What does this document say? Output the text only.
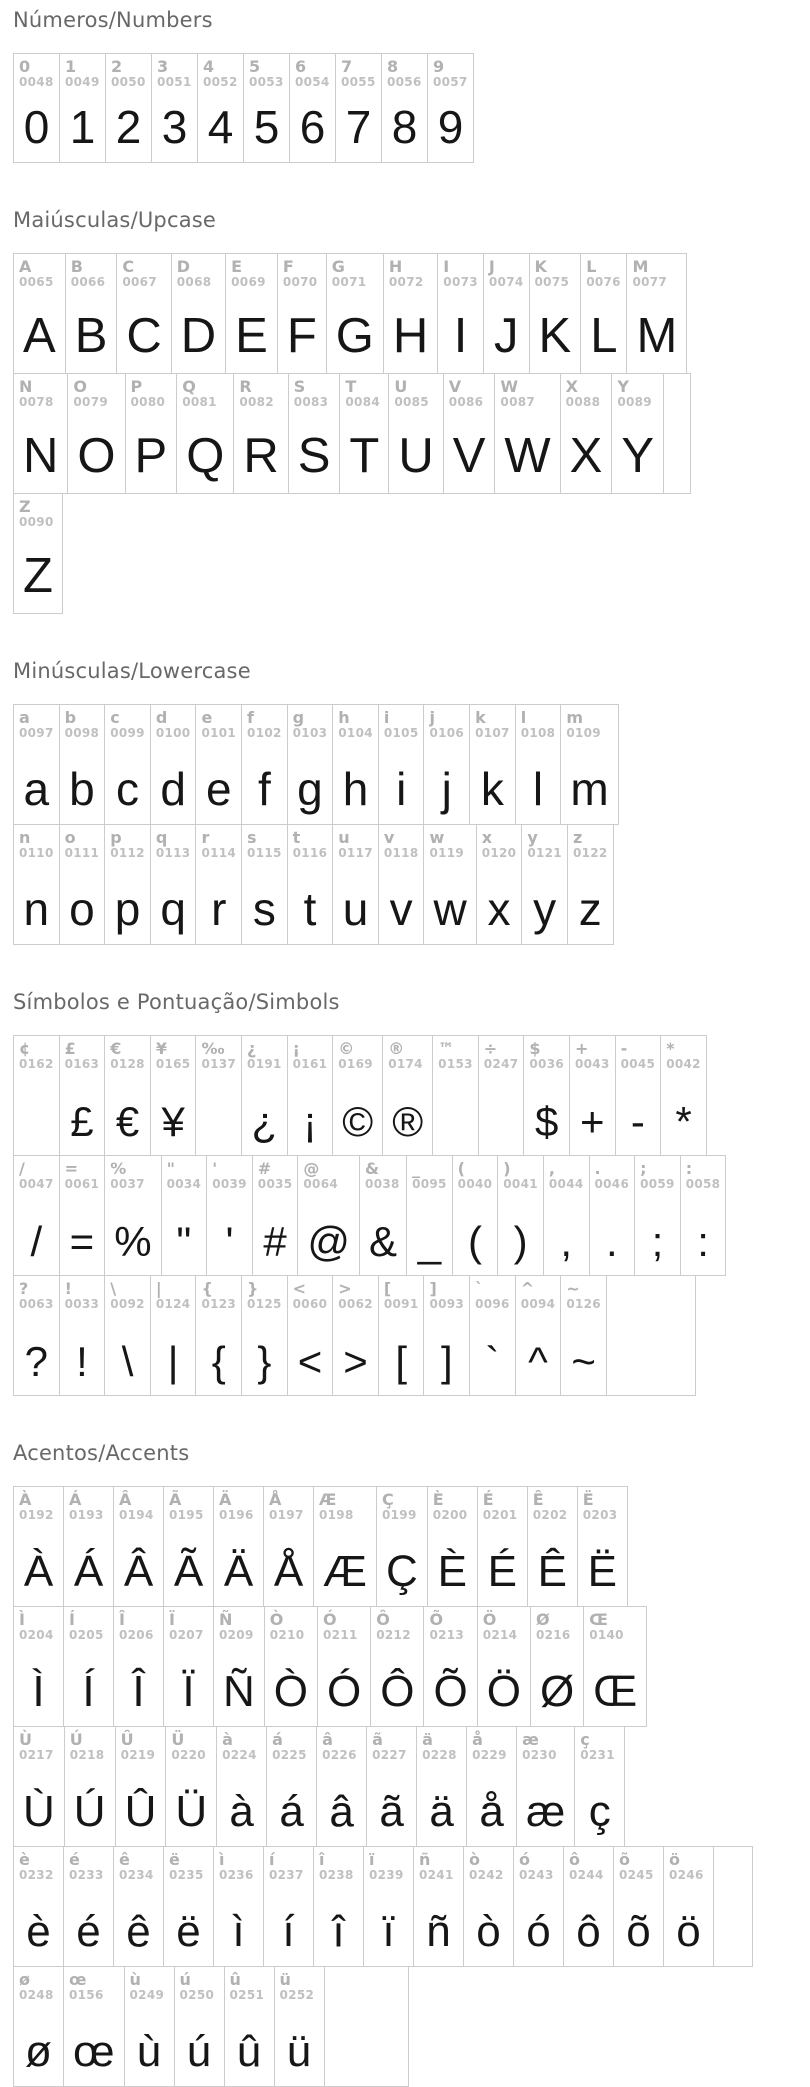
Números/Numbers
0
0048
0
1
0049
1
2
0050
2
3
0051
3
4
0052
4
5
0053
5
6
0054
6
7
0055
7
8
0056
8
9
0057
9
Maiúsculas/Upcase
A
0065
A
B
0066
B
C
0067
C
D
0068
D
E
0069
E
F
0070
F
G
0071
G
H
0072
H
I
0073
I
J
0074
J
K
0075
K
L
0076
L
M
0077
M
N
0078
N
O
0079
O
P
0080
P
Q
0081
Q
R
0082
R
S
0083
S
T
0084
T
U
0085
U
V
0086
V
W
0087
W
X
0088
X
Y
0089
Y
Z
0090
Z
Minúsculas/Lowercase
a
0097
a
b
0098
b
c
0099
c
d
0100
d
e
0101
e
f
0102
f
g
0103
g
h
0104
h
i
0105
i
j
0106
j
k
0107
k
l
0108
l
m
0109
m
n
0110
n
o
0111
o
p
0112
p
q
0113
q
r
0114
r
s
0115
s
t
0116
t
u
0117
u
v
0118
v
w
0119
w
x
0120
x
y
0121
y
z
0122
z
Símbolos e Pontuação/Simbols
¢
0162
£
0163
£
€
0128
€
¥
0165
¥
‰
0137
¿
0191
¿
¡
0161
¡
©
0169
©
®
0174
®
™
0153
÷
0247
$
0036
$
+
0043
+
-
0045
-
*
0042
*
/
0047
/
=
0061
=
%
0037
%
"
0034
"
'
0039
'
#
0035
#
@
0064
@
&
0038
&
_
0095
_
(
0040
(
)
0041
)
,
0044
,
.
0046
.
;
0059
;
:
0058
:
?
0063
?
!
0033
!
\
0092
\
|
0124
|
{
0123
{
}
0125
}
<
0060
<
>
0062
>
[
0091
[
]
0093
]
`
0096
`
^
0094
^
~
0126
~
Acentos/Accents
À
0192
À
Á
0193
Á
Â
0194
Â
Ã
0195
Ã
Ä
0196
Ä
Å
0197
Å
Æ
0198
Æ
Ç
0199
Ç
È
0200
È
É
0201
É
Ê
0202
Ê
Ë
0203
Ë
Ì
0204
Ì
Í
0205
Í
Î
0206
Î
Ï
0207
Ï
Ñ
0209
Ñ
Ò
0210
Ò
Ó
0211
Ó
Ô
0212
Ô
Õ
0213
Õ
Ö
0214
Ö
Ø
0216
Ø
Œ
0140
Œ
Ù
0217
Ù
Ú
0218
Ú
Û
0219
Û
Ü
0220
Ü
à
0224
à
á
0225
á
â
0226
â
ã
0227
ã
ä
0228
ä
å
0229
å
æ
0230
æ
ç
0231
ç
è
0232
è
é
0233
é
ê
0234
ê
ë
0235
ë
ì
0236
ì
í
0237
í
î
0238
î
ï
0239
ï
ñ
0241
ñ
ò
0242
ò
ó
0243
ó
ô
0244
ô
õ
0245
õ
ö
0246
ö
ø
0248
ø
œ
0156
œ
ù
0249
ù
ú
0250
ú
û
0251
û
ü
0252
ü
